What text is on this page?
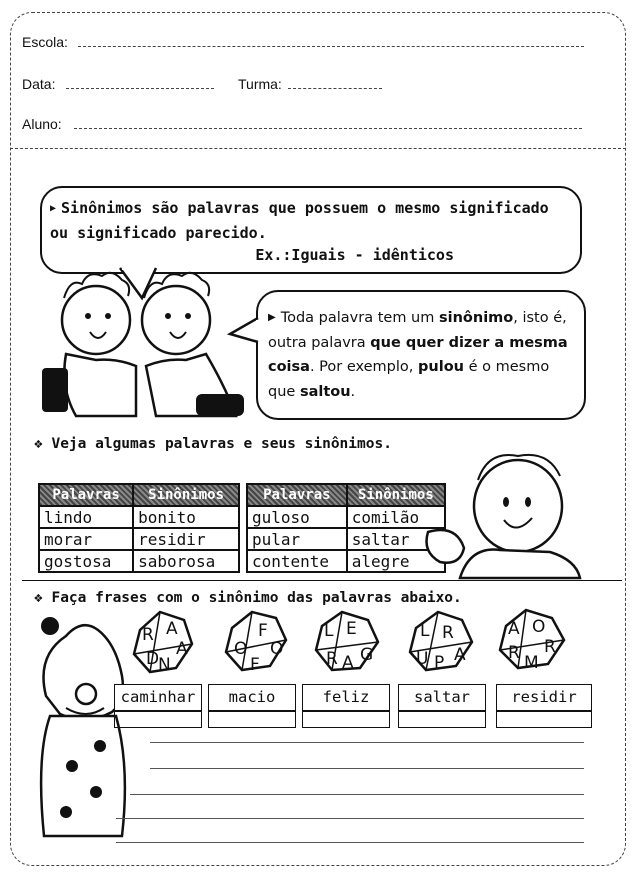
Escola:
Data:	Turma:
Aluno:

▶ Sinônimos são palavras que possuem o mesmo significado ou significado parecido.

Ex.:Iguais - idênticos

▶ Toda palavra tem um sinônimo, isto é, outra palavra que quer dizer a mesma coisa. Por exemplo, pulou é o mesmo que saltou.

❖ Veja algumas palavras e seus sinônimos.
Palavras	Sinônimos
lindo	bonito
morar	residir
gostosa	saborosa
Palavras	Sinônimos
guloso	comilão
pular	saltar
contente	alegre
❖ Faça frases com o sinônimo das palavras abaixo.
R A
D A
N
F
O
O
F
L E
R A G
L R
U P A
A O
R R
M
caminhar	macio	feliz	saltar	residir
